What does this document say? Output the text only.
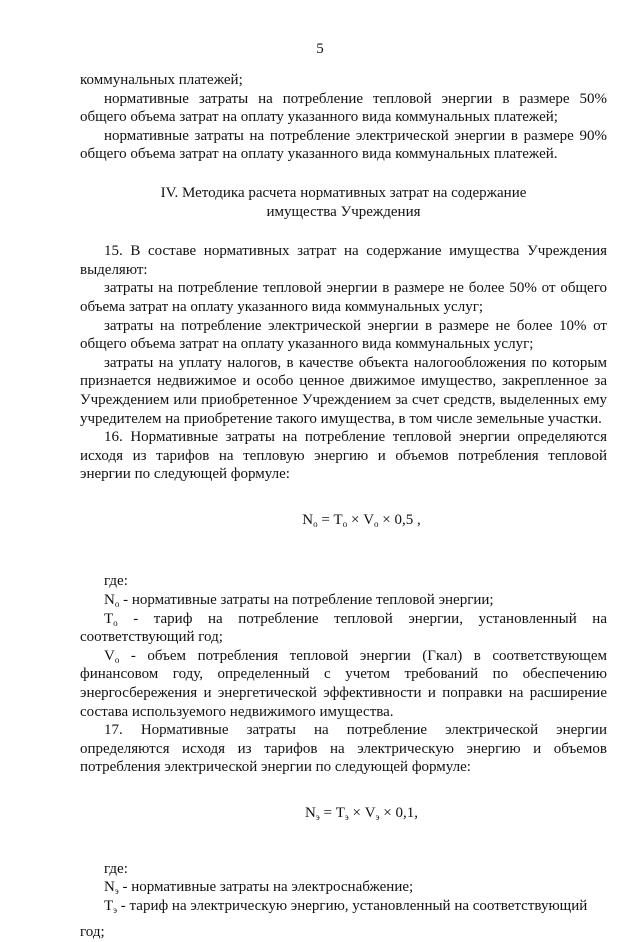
5

коммунальных платежей;

нормативные затраты на потребление тепловой энергии в размере 50% общего объема затрат на оплату указанного вида коммунальных платежей;

нормативные затраты на потребление электрической энергии в размере 90% общего объема затрат на оплату указанного вида коммунальных платежей.

IV. Методика расчета нормативных затрат на содержание
имущества Учреждения

15. В составе нормативных затрат на содержание имущества Учреждения выделяют:

затраты на потребление тепловой энергии в размере не более 50% от общего объема затрат на оплату указанного вида коммунальных услуг;

затраты на потребление электрической энергии в размере не более 10% от общего объема затрат на оплату указанного вида коммунальных услуг;

затраты на уплату налогов, в качестве объекта налогообложения по которым признается недвижимое и особо ценное движимое имущество, закрепленное за Учреждением или приобретенное Учреждением за счет средств, выделенных ему учредителем на приобретение такого имущества, в том числе земельные участки.

16. Нормативные затраты на потребление тепловой энергии определяются исходя из тарифов на тепловую энергию и объемов потребления тепловой энергии по следующей формуле:

$N_о = T_о \times V_о \times 0,5$ ,

где:

$N_о$ - нормативные затраты на потребление тепловой энергии;

$T_о$ - тариф на потребление тепловой энергии, установленный на соответствующий год;

$V_о$ - объем потребления тепловой энергии (Гкал) в соответствующем финансовом году, определенный с учетом требований по обеспечению энергосбережения и энергетической эффективности и поправки на расширение состава используемого недвижимого имущества.

17. Нормативные затраты на потребление электрической энергии определяются исходя из тарифов на электрическую энергию и объемов потребления электрической энергии по следующей формуле:

$N_э = T_э \times V_э \times 0,1$,

где:

$N_э$ - нормативные затраты на электроснабжение;

$T_э$ - тариф на электрическую энергию, установленный на соответствующий

год;
